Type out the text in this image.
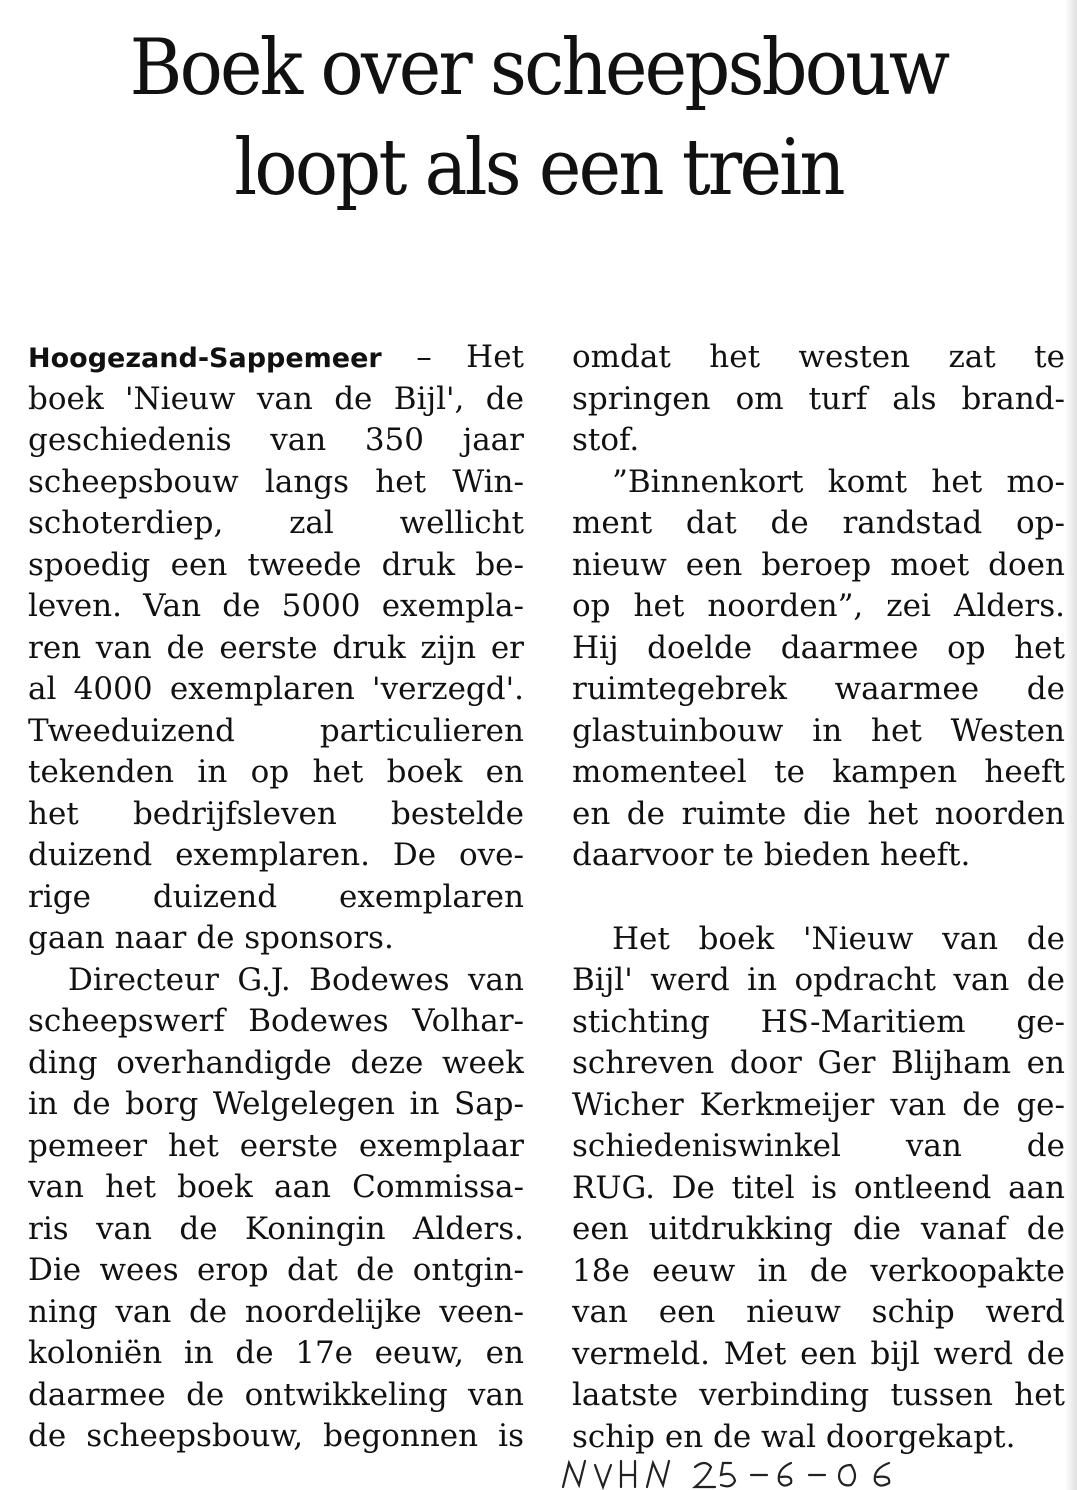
Boek over scheepsbouw
loopt als een trein
Hoogezand-Sappemeer – Het
boek 'Nieuw van de Bijl', de
geschiedenis van 350 jaar
scheepsbouw langs het Win-
schoterdiep, zal wellicht
spoedig een tweede druk be-
leven. Van de 5000 exempla-
ren van de eerste druk zijn er
al 4000 exemplaren 'verzegd'.
Tweeduizend particulieren
tekenden in op het boek en
het bedrijfsleven bestelde
duizend exemplaren. De ove-
rige duizend exemplaren
gaan naar de sponsors.
Directeur G.J. Bodewes van
scheepswerf Bodewes Volhar-
ding overhandigde deze week
in de borg Welgelegen in Sap-
pemeer het eerste exemplaar
van het boek aan Commissa-
ris van de Koningin Alders.
Die wees erop dat de ontgin-
ning van de noordelijke veen-
koloniën in de 17e eeuw, en
daarmee de ontwikkeling van
de scheepsbouw, begonnen is
omdat het westen zat te
springen om turf als brand-
stof.
”Binnenkort komt het mo-
ment dat de randstad op-
nieuw een beroep moet doen
op het noorden”, zei Alders.
Hij doelde daarmee op het
ruimtegebrek waarmee de
glastuinbouw in het Westen
momenteel te kampen heeft
en de ruimte die het noorden
daarvoor te bieden heeft.
Het boek 'Nieuw van de
Bijl' werd in opdracht van de
stichting HS-Maritiem ge-
schreven door Ger Blijham en
Wicher Kerkmeijer van de ge-
schiedeniswinkel van de
RUG. De titel is ontleend aan
een uitdrukking die vanaf de
18e eeuw in de verkoopakte
van een nieuw schip werd
vermeld. Met een bijl werd de
laatste verbinding tussen het
schip en de wal doorgekapt.
